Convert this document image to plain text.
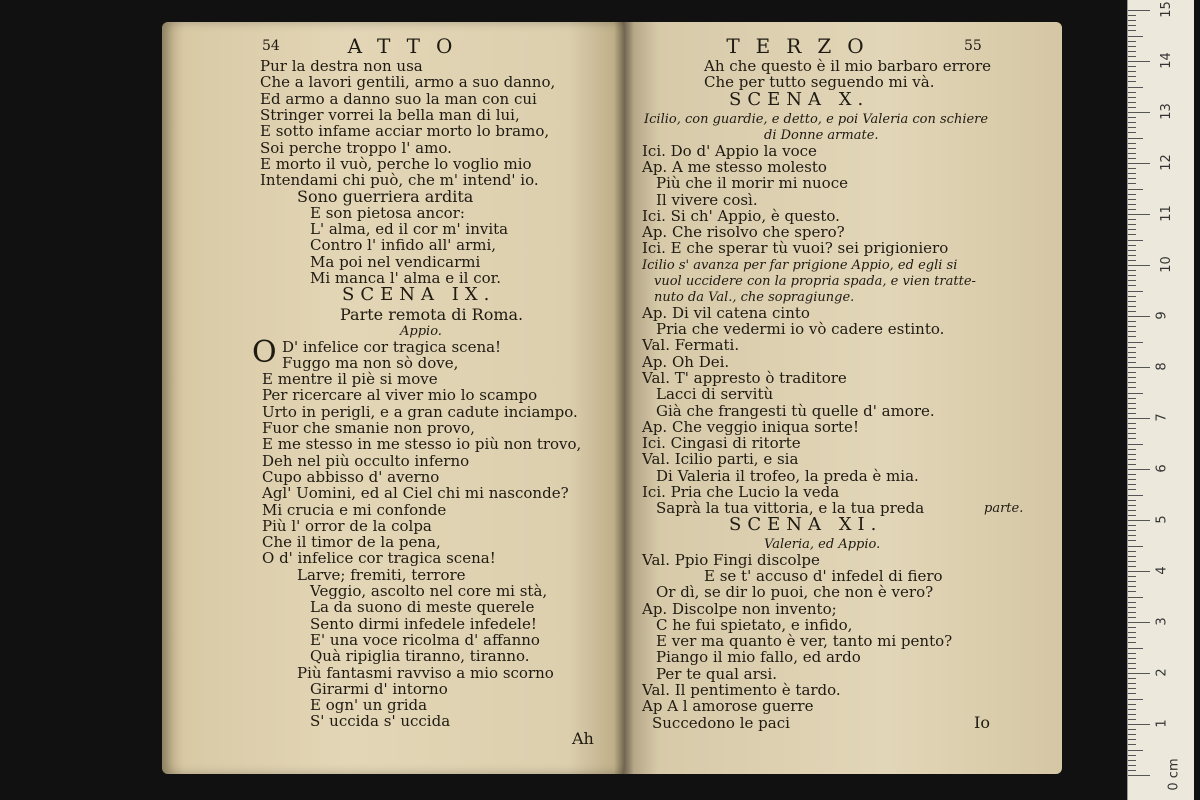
54	ATTO
Pur la destra non usa
Che a lavori gentili, armo a suo danno,
Ed armo a danno suo la man con cui
Stringer vorrei la bella man di lui,
E sotto infame acciar morto lo bramo,
Soi perche troppo l' amo.
E morto il vuò, perche lo voglio mio
Intendami chi può, che m' intend' io.
Sono guerriera ardita
E son pietosa ancor:
L' alma, ed il cor m' invita
Contro l' infido all' armi,
Ma poi nel vendicarmi
Mi manca l' alma e il cor.
SCENA IX.
Parte remota di Roma.
Appio.
O D' infelice cor tragica scena!
Fuggo ma non sò dove,
E mentre il piè si move
Per ricercare al viver mio lo scampo
Urto in perigli, e a gran cadute inciampo.
Fuor che smanie non provo,
E me stesso in me stesso io più non trovo,
Deh nel più occulto inferno
Cupo abbisso d' averno
Agl' Uomini, ed al Ciel chi mi nasconde?
Mi crucia e mi confonde
Più l' orror de la colpa
Che il timor de la pena,
O d' infelice cor tragica scena!
Larve; fremiti, terrore
Veggio, ascolto nel core mi stà,
La da suono di meste querele
Sento dirmi infedele infedele!
E' una voce ricolma d' affanno
Quà ripiglia tiranno, tiranno.
Più fantasmi ravviso a mio scorno
Girarmi d' intorno
E ogn' un grida
S' uccida s' uccida
Ah
55
TERZO
Ah che questo è il mio barbaro errore
Che per tutto seguendo mi và.
SCENA X.
Icilio, con guardie, e detto, e poi Valeria con schiere
di Donne armate.
Ici. Do d' Appio la voce
Ap. A me stesso molesto
Più che il morir mi nuoce
Il vivere così.
Ici. Si ch' Appio, è questo.
Ap. Che risolvo che spero?
Ici. E che sperar tù vuoi? sei prigioniero
Icilio s' avanza per far prigione Appio, ed egli si
vuol uccidere con la propria spada, e vien tratte-
nuto da Val., che sopragiunge.
Ap. Di vil catena cinto
Pria che vedermi io vò cadere estinto.
Val. Fermati.
Ap. Oh Dei.
Val. T' appresto ò traditore
Lacci di servitù
Già che frangesti tù quelle d' amore.
Ap. Che veggio iniqua sorte!
Ici. Cingasi di ritorte
Val. Icilio parti, e sia
Di Valeria il trofeo, la preda è mia.
Ici. Pria che Lucio la veda
Saprà la tua vittoria, e la tua preda	parte.
SCENA XI.
Valeria, ed Appio.
Val. Ppio Fingi discolpe
E se t' accuso d' infedel di fiero
Or dì, se dir lo puoi, che non è vero?
Ap. Discolpe non invento;
C he fui spietato, e infido,
E ver ma quanto è ver, tanto mi pento?
Piango il mio fallo, ed ardo
Per te qual arsi.
Val. Il pentimento è tardo.
Ap A l amorose guerre
Succedono le paci	Io
15
14
13
12
11
10
9
8
7
6
5
4
3
2
1
0 cm
